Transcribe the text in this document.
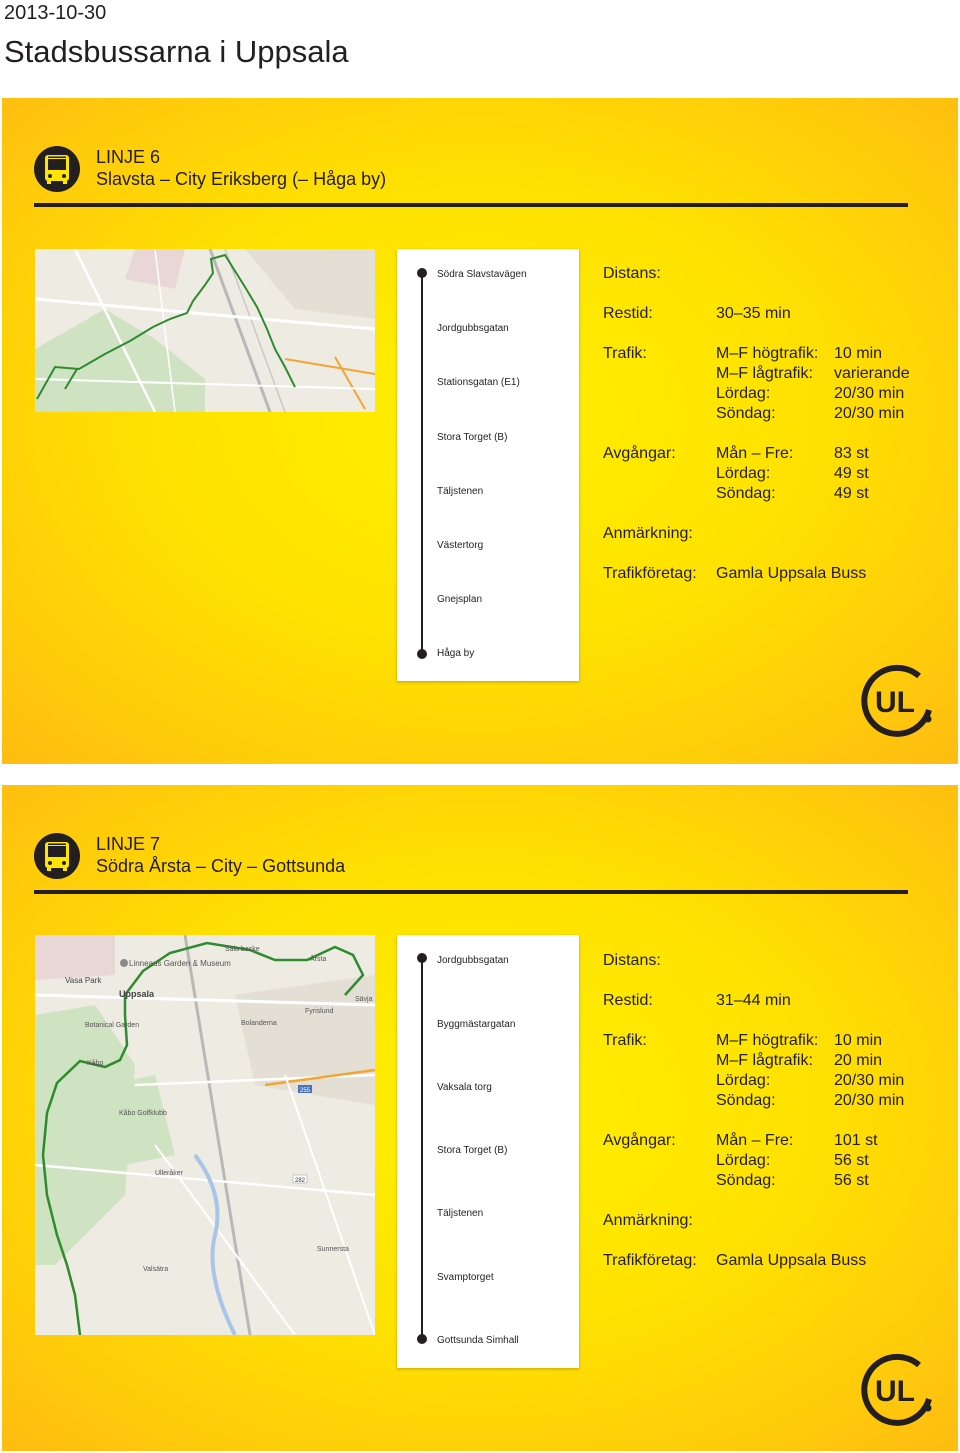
2013-10-30
Stadsbussarna i Uppsala
LINJE 6
Slavsta – City Eriksberg (– Håga by)
Södra Slavstavägen
Jordgubbsgatan
Stationsgatan (E1)
Stora Torget (B)
Täljstenen
Västertorg
Gnejsplan
Håga by
Distans:
Restid:	30–35 min
Trafik:	M–F högtrafik: 10 min
M–F lågtrafik: varierande
Lördag:	20/30 min
Söndag:	20/30 min
Avgångar:	Mån – Fre:	83 st
Lördag:	49 st
Söndag:	49 st
Anmärkning:
Trafikföretag: Gamla Uppsala Buss
UL
LINJE 7
Södra Årsta – City – Gottsunda
Linneaus Garden & Museum
Uppsala
Vasa Park
Botanical Garden
Kåbo
Kåbo Golfklubb
Årsta
Sala backe
Bolanderna
Fyrislund
Sävja
Ulleråker
Sunnersta
Valsätra
255
282
Jordgubbsgatan
Byggmästargatan
Vaksala torg
Stora Torget (B)
Täljstenen
Svamptorget
Gottsunda Simhall
Distans:
Restid:	31–44 min
Trafik:	M–F högtrafik: 10 min
M–F lågtrafik: 20 min
Lördag:	20/30 min
Söndag:	20/30 min
Avgångar:	Mån – Fre:	101 st
Lördag:	56 st
Söndag:	56 st
Anmärkning:
Trafikföretag: Gamla Uppsala Buss
UL
